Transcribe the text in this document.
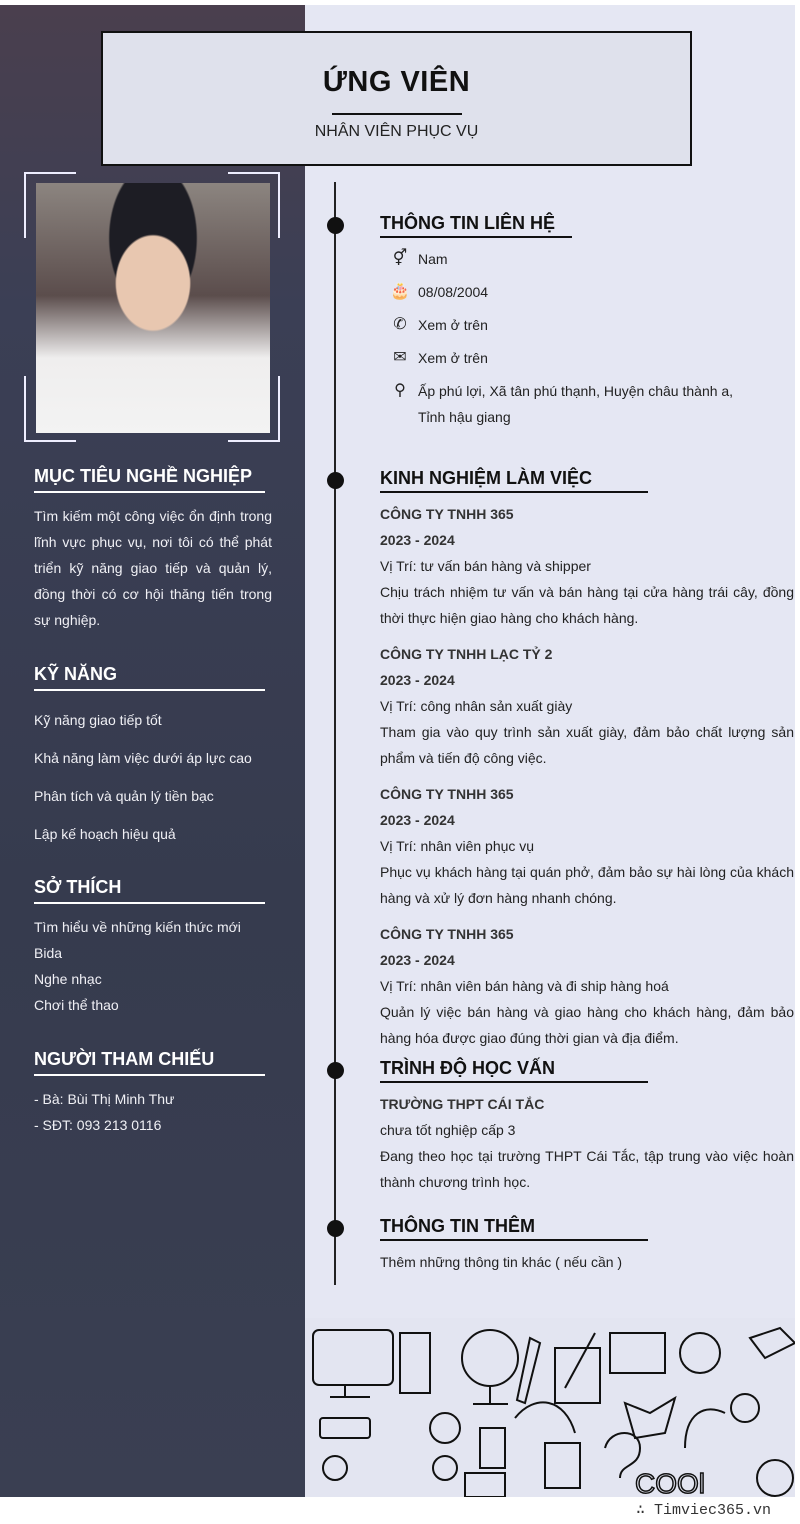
ỨNG VIÊN
NHÂN VIÊN PHỤC VỤ
MỤC TIÊU NGHỀ NGHIỆP

Tìm kiếm một công việc ổn định trong lĩnh vực phục vụ, nơi tôi có thể phát triển kỹ năng giao tiếp và quản lý, đồng thời có cơ hội thăng tiến trong sự nghiệp.

KỸ NĂNG
Kỹ năng giao tiếp tốt
Khả năng làm việc dưới áp lực cao
Phân tích và quản lý tiền bạc
Lập kế hoạch hiệu quả
SỞ THÍCH

Tìm hiểu về những kiến thức mới

Bida

Nghe nhạc

Chơi thể thao

NGƯỜI THAM CHIẾU

- Bà: Bùi Thị Minh Thư

- SĐT: 093 213 0116

THÔNG TIN LIÊN HỆ
⚥ Nam
🎂 08/08/2004
✆ Xem ở trên
✉ Xem ở trên
⚲ Ấp phú lợi, Xã tân phú thạnh, Huyện châu thành a, Tỉnh hậu giang
KINH NGHIỆM LÀM VIỆC
CÔNG TY TNHH 365
2023 - 2024
Vị Trí: tư vấn bán hàng và shipper
Chịu trách nhiệm tư vấn và bán hàng tại cửa hàng trái cây, đồng thời thực hiện giao hàng cho khách hàng.
CÔNG TY TNHH LẠC TỶ 2
2023 - 2024
Vị Trí: công nhân sản xuất giày
Tham gia vào quy trình sản xuất giày, đảm bảo chất lượng sản phẩm và tiến độ công việc.
CÔNG TY TNHH 365
2023 - 2024
Vị Trí: nhân viên phục vụ
Phục vụ khách hàng tại quán phở, đảm bảo sự hài lòng của khách hàng và xử lý đơn hàng nhanh chóng.
CÔNG TY TNHH 365
2023 - 2024
Vị Trí: nhân viên bán hàng và đi ship hàng hoá
Quản lý việc bán hàng và giao hàng cho khách hàng, đảm bảo hàng hóa được giao đúng thời gian và địa điểm.
TRÌNH ĐỘ HỌC VẤN
TRƯỜNG THPT CÁI TẮC
chưa tốt nghiệp cấp 3
Đang theo học tại trường THPT Cái Tắc, tập trung vào việc hoàn thành chương trình học.
THÔNG TIN THÊM
Thêm những thông tin khác ( nếu cần )
COOl
∴ Timviec365.vn
